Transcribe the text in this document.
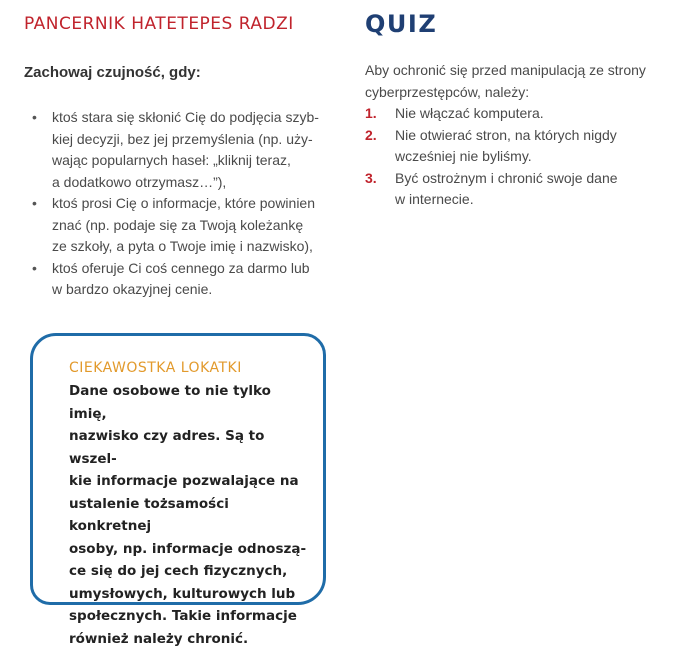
PANCERNIK HATETEPES RADZI
Zachowaj czujność, gdy:
• ktoś stara się skłonić Cię do podjęcia szyb-
kiej decyzji, bez jej przemyślenia (np. uży-
wając popularnych haseł: „kliknij teraz,
a dodatkowo otrzymasz…”),
• ktoś prosi Cię o informacje, które powinien
znać (np. podaje się za Twoją koleżankę
ze szkoły, a pyta o Twoje imię i nazwisko),
• ktoś oferuje Ci coś cennego za darmo lub
w bardzo okazyjnej cenie.
CIEKAWOSTKA LOKATKI
Dane osobowe to nie tylko imię,
nazwisko czy adres. Są to wszel-
kie informacje pozwalające na
ustalenie tożsamości konkretnej
osoby, np. informacje odnoszą-
ce się do jej cech fizycznych,
umysłowych, kulturowych lub
społecznych. Takie informacje
również należy chronić.
QUIZ
Aby ochronić się przed manipulacją ze strony
cyberprzestępców, należy:
1. Nie włączać komputera.
2. Nie otwierać stron, na których nigdy
wcześniej nie byliśmy.
3. Być ostrożnym i chronić swoje dane
w internecie.
